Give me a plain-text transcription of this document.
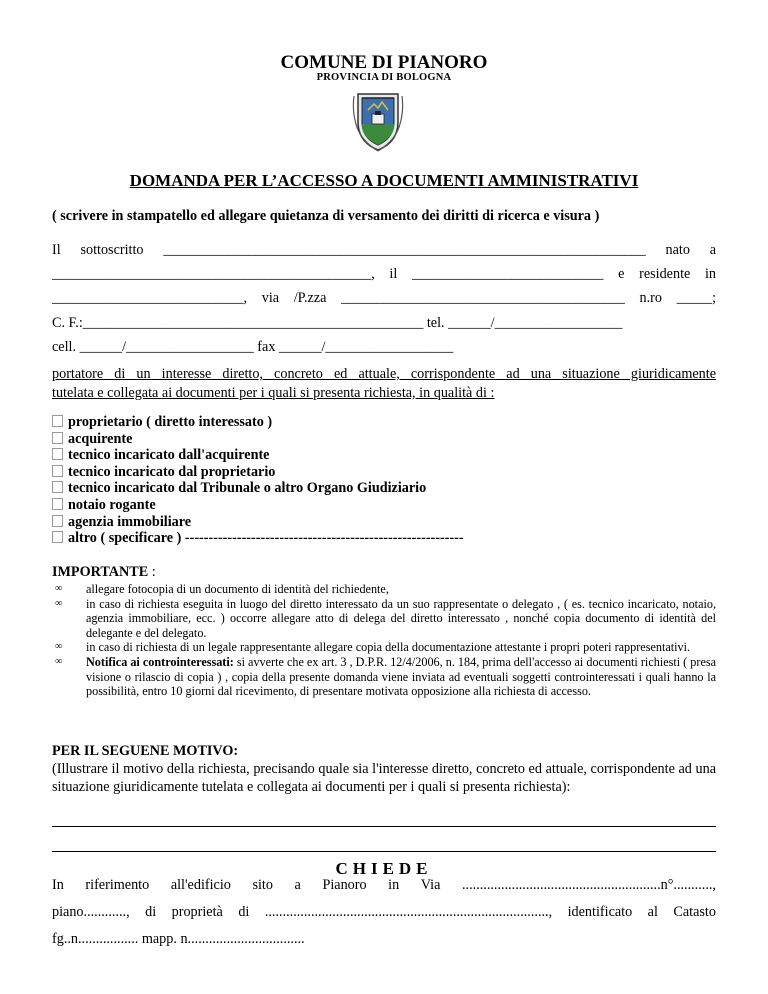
COMUNE DI PIANORO
PROVINCIA DI BOLOGNA
DOMANDA PER L’ACCESSO A DOCUMENTI AMMINISTRATIVI
( scrivere in stampatello ed allegare quietanza di versamento dei diritti di ricerca e visura )
Il sottoscritto ____________________________________________________________________ nato a
_____________________________________________, il ___________________________ e residente in
___________________________, via /P.zza ________________________________________ n.ro _____;
C. F.:________________________________________________ tel. ______/__________________
cell. ______/__________________ fax ______/__________________
portatore di un interesse diretto, concreto ed attuale, corrispondente ad una situazione giuridicamente
tutelata e collegata ai documenti per i quali si presenta richiesta, in qualità di :
proprietario ( diretto interessato )
acquirente
tecnico incaricato dall'acquirente
tecnico incaricato dal proprietario
tecnico incaricato dal Tribunale o altro Organo Giudiziario
notaio rogante
agenzia immobiliare
altro ( specificare ) -----------------------------------------------------------
IMPORTANTE :
∞ allegare fotocopia di un documento di identità del richiedente,
∞ in caso di richiesta eseguita in luogo del diretto interessato da un suo rappresentate o delegato , ( es. tecnico incaricato, notaio, agenzia immobiliare, ecc. ) occorre allegare atto di delega del diretto interessato , nonché copia documento di identità del delegante e del delegato.
∞ in caso di richiesta di un legale rappresentante allegare copia della documentazione attestante i propri poteri rappresentativi.
∞ Notifica ai controinteressati: si avverte che ex art. 3 , D.P.R. 12/4/2006, n. 184, prima dell'accesso ai documenti richiesti ( presa visione o rilascio di copia ) , copia della presente domanda viene inviata ad eventuali soggetti controinteressati i quali hanno la possibilità, entro 10 giorni dal ricevimento, di presentare motivata opposizione alla richiesta di accesso.
PER IL SEGUENE MOTIVO:
(Illustrare il motivo della richiesta, precisando quale sia l'interesse diretto, concreto ed attuale, corrispondente ad una situazione giuridicamente tutelata e collegata ai documenti per i quali si presenta richiesta):
CHIEDE
In riferimento all'edificio sito a Pianoro in Via ........................................................n°...........,
piano............, di proprietà di ................................................................................, identificato al Catasto
fg..n................. mapp. n.................................
